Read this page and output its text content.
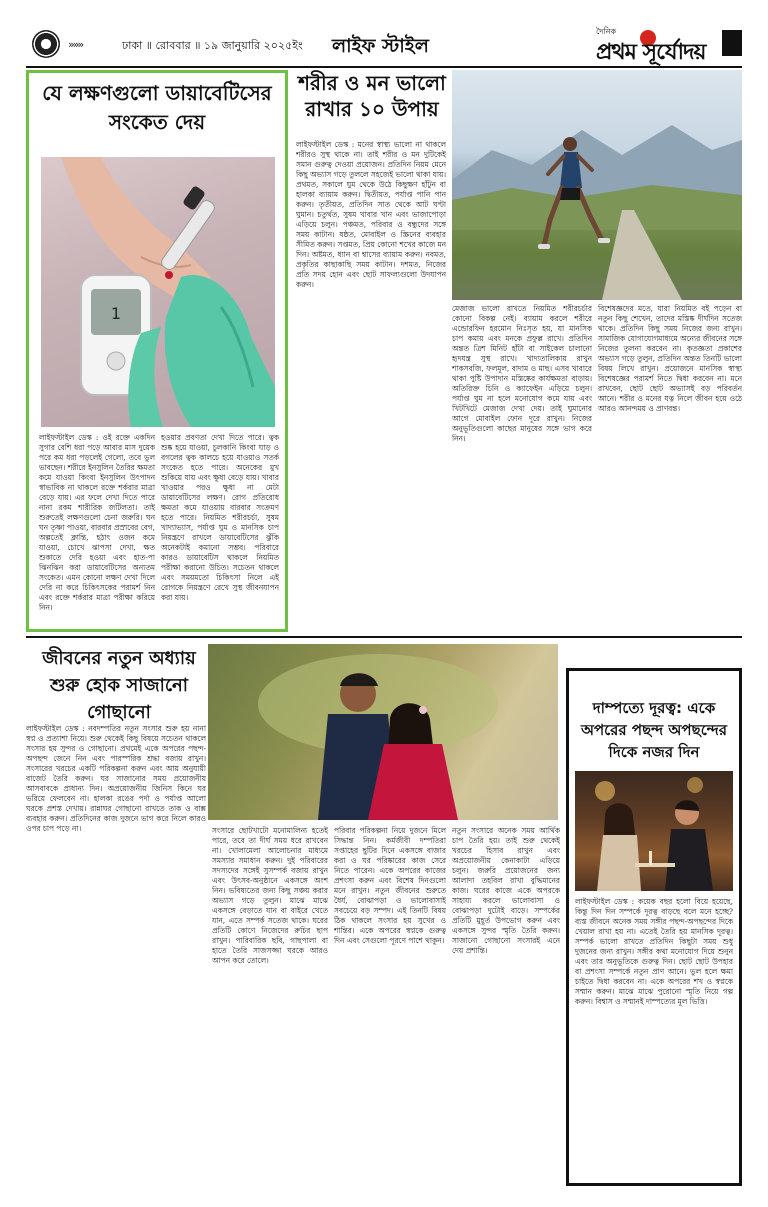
»»»	ঢাকা ॥ রোববার ॥ ১৯ জানুয়ারি ২০২৫ইং লাইফ স্টাইল
দৈনিক
প্রথম সূর্যোদয়
যে লক্ষণগুলো ডায়াবেটিসের সংকেত দেয়
1
লাইফস্টাইল ডেস্ক : ওই রক্তে একদিন সুগার বেশি ধরা পড়ে আবার মাস দুয়েক পরে কম ধরা পড়লেই গেলো, তবে ভুল ভাবছেন। শরীরে ইনসুলিন তৈরির ক্ষমতা কমে যাওয়া কিংবা ইনসুলিন উৎপাদন স্বাভাবিক না থাকলে রক্তে শর্করার মাত্রা বেড়ে যায়। এর ফলে দেখা দিতে পারে নানা রকম শারীরিক জটিলতা। তাই শুরুতেই লক্ষণগুলো চেনা জরুরি। ঘন ঘন তৃষ্ণা পাওয়া, বারবার প্রস্রাবের বেগ, অল্পতেই ক্লান্তি, হঠাৎ ওজন কমে যাওয়া, চোখে ঝাপসা দেখা, ক্ষত শুকাতে দেরি হওয়া এবং হাত-পা ঝিনঝিন করা ডায়াবেটিসের অন্যতম সংকেত। এমন কোনো লক্ষণ দেখা দিলে দেরি না করে চিকিৎসকের পরামর্শ নিন এবং রক্তে শর্করার মাত্রা পরীক্ষা করিয়ে নিন।
হওয়ার প্রবণতা দেখা দিতে পারে। ত্বক শুষ্ক হয়ে যাওয়া, চুলকানি কিংবা ঘাড় ও বগলের ত্বক কালচে হয়ে যাওয়াও সতর্ক সংকেত হতে পারে। অনেকের মুখ শুকিয়ে যায় এবং ক্ষুধা বেড়ে যায়। খাবার খাওয়ার পরও ক্ষুধা না মেটা ডায়াবেটিসের লক্ষণ। রোগ প্রতিরোধ ক্ষমতা কমে যাওয়ায় বারবার সংক্রমণ হতে পারে। নিয়মিত শরীরচর্চা, সুষম খাদ্যাভ্যাস, পর্যাপ্ত ঘুম ও মানসিক চাপ নিয়ন্ত্রণে রাখলে ডায়াবেটিসের ঝুঁকি অনেকটাই কমানো সম্ভব। পরিবারে কারও ডায়াবেটিস থাকলে নিয়মিত পরীক্ষা করানো উচিত। সচেতন থাকলে এবং সময়মতো চিকিৎসা নিলে এই রোগকে নিয়ন্ত্রণে রেখে সুস্থ জীবনযাপন করা যায়।
শরীর ও মন ভালো রাখার ১০ উপায়
লাইফস্টাইল ডেস্ক : মনের স্বাস্থ্য ভালো না থাকলে শরীরও সুস্থ থাকে না। তাই শরীর ও মন দুটিকেই সমান গুরুত্ব দেওয়া প্রয়োজন। প্রতিদিন নিয়ম মেনে কিছু অভ্যাস গড়ে তুললে সহজেই ভালো থাকা যায়। প্রথমত, সকালে ঘুম থেকে উঠে কিছুক্ষণ হাঁটুন বা হালকা ব্যায়াম করুন। দ্বিতীয়ত, পর্যাপ্ত পানি পান করুন। তৃতীয়ত, প্রতিদিন সাত থেকে আট ঘণ্টা ঘুমান। চতুর্থত, সুষম খাবার খান এবং ভাজাপোড়া এড়িয়ে চলুন। পঞ্চমত, পরিবার ও বন্ধুদের সঙ্গে সময় কাটান। ষষ্ঠত, মোবাইল ও স্ক্রিনের ব্যবহার সীমিত করুন। সপ্তমত, প্রিয় কোনো শখের কাজে মন দিন। অষ্টমত, ধ্যান বা শ্বাসের ব্যায়াম করুন। নবমত, প্রকৃতির কাছাকাছি সময় কাটান। দশমত, নিজের প্রতি সদয় হোন এবং ছোট সাফল্যগুলো উদযাপন করুন।
মেজাজ ভালো রাখতে নিয়মিত শরীরচর্চার কোনো বিকল্প নেই। ব্যায়াম করলে শরীরে এন্ডোরফিন হরমোন নিঃসৃত হয়, যা মানসিক চাপ কমায় এবং মনকে প্রফুল্ল রাখে। প্রতিদিন অন্তত ত্রিশ মিনিট হাঁটা বা সাইকেল চালানো হৃদযন্ত্র সুস্থ রাখে। খাদ্যতালিকায় রাখুন শাকসবজি, ফলমূল, বাদাম ও মাছ। এসব খাবারে থাকা পুষ্টি উপাদান মস্তিষ্কের কার্যক্ষমতা বাড়ায়। অতিরিক্ত চিনি ও ক্যাফেইন এড়িয়ে চলুন। পর্যাপ্ত ঘুম না হলে মনোযোগ কমে যায় এবং খিটখিটে মেজাজ দেখা দেয়। তাই ঘুমানোর আগে মোবাইল ফোন দূরে রাখুন। নিজের অনুভূতিগুলো কাছের মানুষের সঙ্গে ভাগ করে নিন।
বিশেষজ্ঞদের মতে, যারা নিয়মিত বই পড়েন বা নতুন কিছু শেখেন, তাদের মস্তিষ্ক দীর্ঘদিন সতেজ থাকে। প্রতিদিন কিছু সময় নিজের জন্য রাখুন। সামাজিক যোগাযোগমাধ্যমে অন্যের জীবনের সঙ্গে নিজের তুলনা করবেন না। কৃতজ্ঞতা প্রকাশের অভ্যাস গড়ে তুলুন, প্রতিদিন অন্তত তিনটি ভালো বিষয় লিখে রাখুন। প্রয়োজনে মানসিক স্বাস্থ্য বিশেষজ্ঞের পরামর্শ নিতে দ্বিধা করবেন না। মনে রাখবেন, ছোট ছোট অভ্যাসই বড় পরিবর্তন আনে। শরীর ও মনের যত্ন নিলে জীবন হয়ে ওঠে আরও আনন্দময় ও প্রাণবন্ত।
জীবনের নতুন অধ্যায় শুরু হোক সাজানো গোছানো
লাইফস্টাইল ডেস্ক : নবদম্পতির নতুন সংসার শুরু হয় নানা স্বপ্ন ও প্রত্যাশা নিয়ে। শুরু থেকেই কিছু বিষয়ে সচেতন থাকলে সংসার হয় সুন্দর ও গোছানো। প্রথমেই একে অপরের পছন্দ-অপছন্দ জেনে নিন এবং পারস্পরিক শ্রদ্ধা বজায় রাখুন। সংসারের খরচের একটি পরিকল্পনা করুন এবং আয় অনুযায়ী বাজেট তৈরি করুন। ঘর সাজানোর সময় প্রয়োজনীয় আসবাবকে প্রাধান্য দিন। অপ্রয়োজনীয় জিনিস কিনে ঘর ভরিয়ে ফেলবেন না। হালকা রঙের পর্দা ও পর্যাপ্ত আলো ঘরকে প্রশস্ত দেখায়। রান্নাঘর গোছানো রাখতে তাক ও বাক্স ব্যবহার করুন। প্রতিদিনের কাজ দুজনে ভাগ করে নিলে কারও ওপর চাপ পড়ে না।	সংসারে ছোটখাটো মনোমালিন্য হতেই পারে, তবে তা দীর্ঘ সময় ধরে রাখবেন না। খোলামেলা আলোচনার মাধ্যমে সমস্যার সমাধান করুন। দুই পরিবারের সদস্যদের সঙ্গেই সুসম্পর্ক বজায় রাখুন এবং উৎসব-অনুষ্ঠানে একসঙ্গে অংশ নিন। ভবিষ্যতের জন্য কিছু সঞ্চয় করার অভ্যাস গড়ে তুলুন। মাঝে মাঝে একসঙ্গে বেড়াতে যান বা বাইরে খেতে যান, এতে সম্পর্ক সতেজ থাকে। ঘরের প্রতিটি কোণে নিজেদের রুচির ছাপ রাখুন। পারিবারিক ছবি, গাছপালা বা হাতে তৈরি সাজসজ্জা ঘরকে আরও আপন করে তোলে।
পরিবার পরিকল্পনা নিয়ে দুজনে মিলে সিদ্ধান্ত নিন। কর্মজীবী দম্পতিরা সপ্তাহের ছুটির দিনে একসঙ্গে বাজার করা ও ঘর পরিষ্কারের কাজ সেরে নিতে পারেন। একে অপরের কাজের প্রশংসা করুন এবং বিশেষ দিনগুলো মনে রাখুন। নতুন জীবনের শুরুতে ধৈর্য, বোঝাপড়া ও ভালোবাসাই সবচেয়ে বড় সম্পদ। এই তিনটি বিষয় ঠিক থাকলে সংসার হয় সুখের ও শান্তির। একে অপরের স্বপ্নকে গুরুত্ব দিন এবং সেগুলো পূরণে পাশে থাকুন।
নতুন সংসারে অনেক সময় আর্থিক চাপ তৈরি হয়। তাই শুরু থেকেই খরচের হিসাব রাখুন এবং অপ্রয়োজনীয় কেনাকাটা এড়িয়ে চলুন। জরুরি প্রয়োজনের জন্য আলাদা তহবিল রাখা বুদ্ধিমানের কাজ। ঘরের কাজে একে অপরকে সাহায্য করলে ভালোবাসা ও বোঝাপড়া দুটোই বাড়ে। সম্পর্কের প্রতিটি মুহূর্ত উপভোগ করুন এবং একসঙ্গে সুন্দর স্মৃতি তৈরি করুন। সাজানো গোছানো সংসারই এনে দেয় প্রশান্তি।
দাম্পত্যে দূরত্ব: একে অপরের পছন্দ অপছন্দের দিকে নজর দিন
লাইফস্টাইল ডেস্ক : কয়েক বছর হলো বিয়ে হয়েছে, কিন্তু দিন দিন সম্পর্কে দূরত্ব বাড়ছে বলে মনে হচ্ছে? ব্যস্ত জীবনে অনেক সময় সঙ্গীর পছন্দ-অপছন্দের দিকে খেয়াল রাখা হয় না। এতেই তৈরি হয় মানসিক দূরত্ব। সম্পর্ক ভালো রাখতে প্রতিদিন কিছুটা সময় শুধু দুজনের জন্য রাখুন। সঙ্গীর কথা মনোযোগ দিয়ে শুনুন এবং তার অনুভূতিকে গুরুত্ব দিন। ছোট ছোট উপহার বা প্রশংসা সম্পর্কে নতুন প্রাণ আনে। ভুল হলে ক্ষমা চাইতে দ্বিধা করবেন না। একে অপরের শখ ও স্বপ্নকে সম্মান করুন। মাঝে মাঝে পুরোনো স্মৃতি নিয়ে গল্প করুন। বিশ্বাস ও সম্মানই দাম্পত্যের মূল ভিত্তি।
